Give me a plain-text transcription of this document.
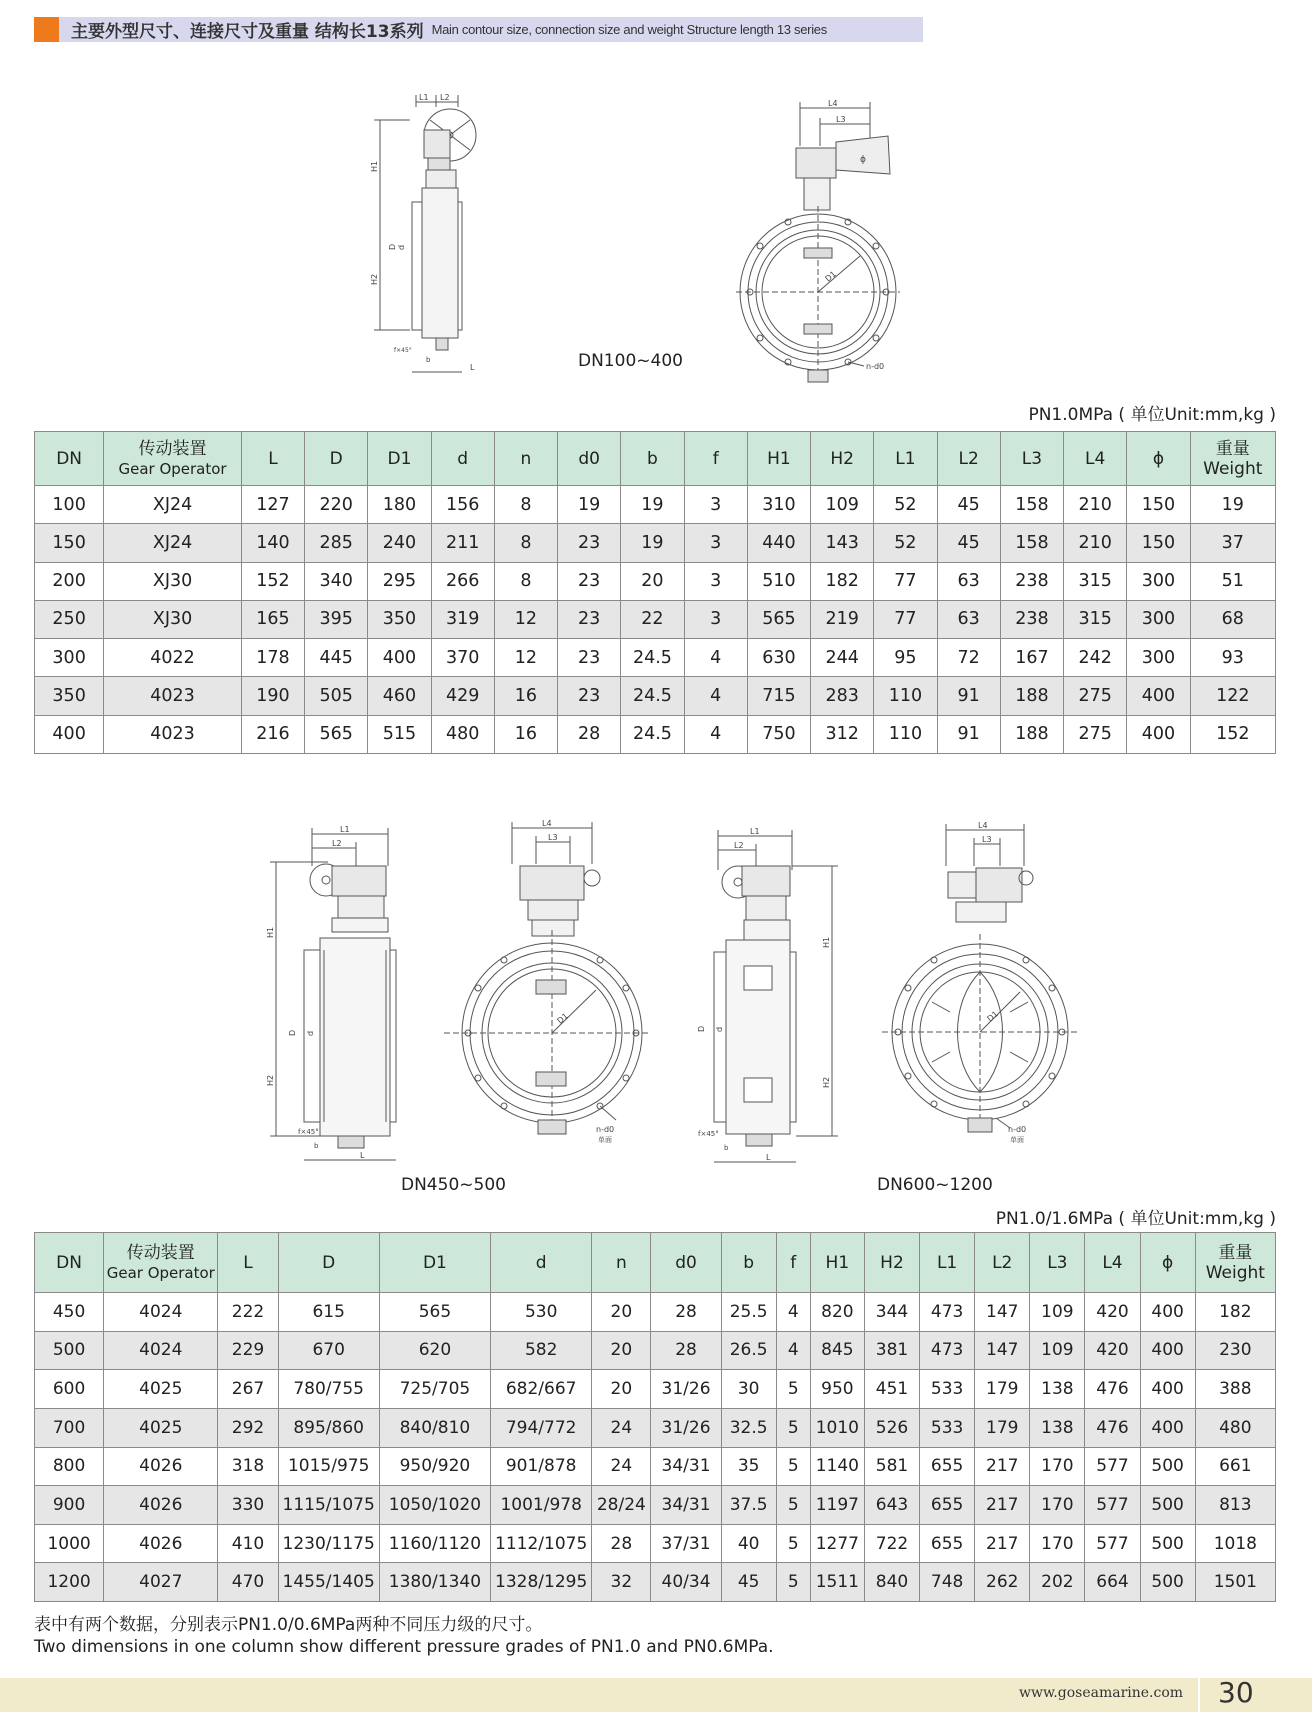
主要外型尺寸、连接尺寸及重量 结构长13系列 Main contour size, connection size and weight Structure length 13 series
L1 L2
H1
H2
D d
f×45°
b
L
L4
L3
ϕ
D1
n-d0
DN100~400
PN1.0MPa ( 单位Unit:mm,kg )
DN	传动装置
Gear Operator	L	D	D1	d	n	d0	b	f	H1	H2	L1	L2	L3	L4	ϕ	重量
Weight
100	XJ24	127	220	180	156	8	19	19	3	310	109	52	45	158	210	150	19
150	XJ24	140	285	240	211	8	23	19	3	440	143	52	45	158	210	150	37
200	XJ30	152	340	295	266	8	23	20	3	510	182	77	63	238	315	300	51
250	XJ30	165	395	350	319	12	23	22	3	565	219	77	63	238	315	300	68
300	4022	178	445	400	370	12	23	24.5	4	630	244	95	72	167	242	300	93
350	4023	190	505	460	429	16	23	24.5	4	715	283	110	91	188	275	400	122
400	4023	216	565	515	480	16	28	24.5	4	750	312	110	91	188	275	400	152
L1
L2
H1
H2
D d
f×45°
b
L
L4
L3
D1
n-d0
单面
DN450~500
L1
L2
H1
H2
D d
f×45°
b
L
L4
L3
D1
n-d0
单面
DN600~1200
PN1.0/1.6MPa ( 单位Unit:mm,kg )
DN	传动装置
Gear Operator	L	D	D1	d	n	d0	b	f	H1	H2	L1	L2	L3	L4	ϕ	重量
Weight
450	4024	222	615	565	530	20	28	25.5	4	820	344	473	147	109	420	400	182
500	4024	229	670	620	582	20	28	26.5	4	845	381	473	147	109	420	400	230
600	4025	267	780/755	725/705	682/667	20	31/26	30	5	950	451	533	179	138	476	400	388
700	4025	292	895/860	840/810	794/772	24	31/26	32.5	5	1010	526	533	179	138	476	400	480
800	4026	318	1015/975	950/920	901/878	24	34/31	35	5	1140	581	655	217	170	577	500	661
900	4026	330	1115/1075	1050/1020	1001/978	28/24	34/31	37.5	5	1197	643	655	217	170	577	500	813
1000	4026	410	1230/1175	1160/1120	1112/1075	28	37/31	40	5	1277	722	655	217	170	577	500	1018
1200	4027	470	1455/1405	1380/1340	1328/1295	32	40/34	45	5	1511	840	748	262	202	664	500	1501
表中有两个数据，分别表示PN1.0/0.6MPa两种不同压力级的尺寸。
Two dimensions in one column show different pressure grades of PN1.0 and PN0.6MPa.
www.goseamarine.com 30
